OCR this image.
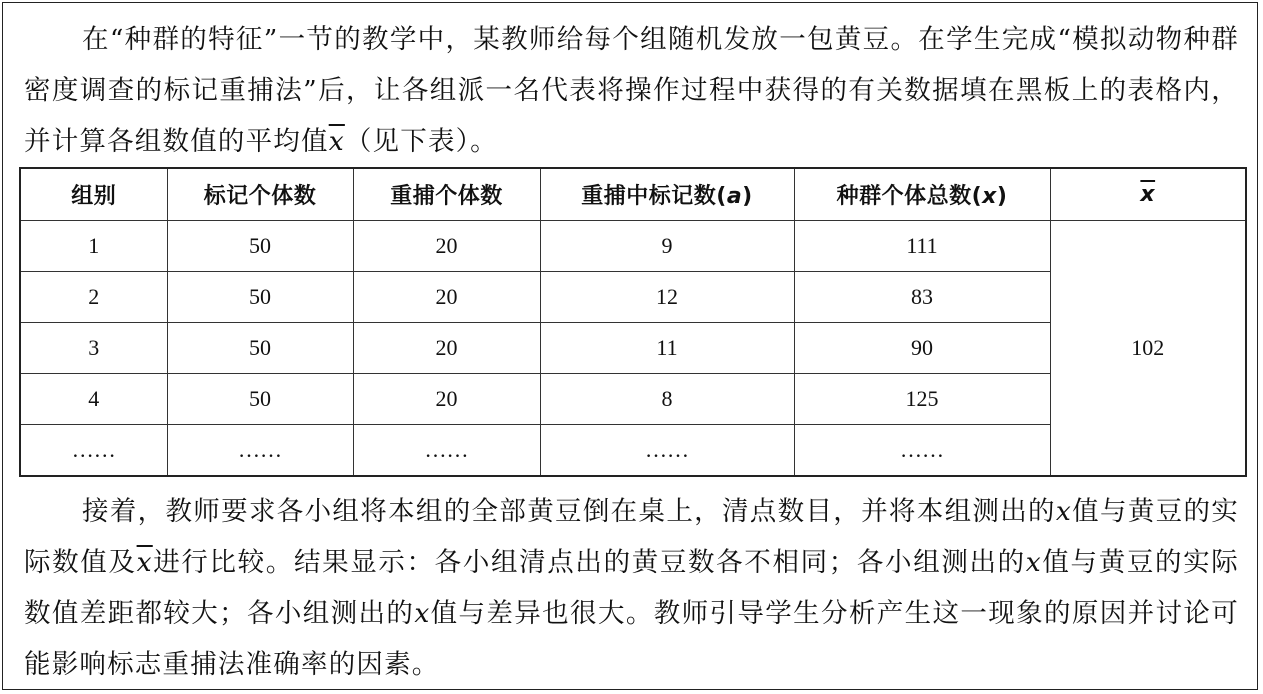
在“种群的特征”一节的教学中，某教师给每个组随机发放一包黄豆。在学生完成“模拟动物种群密度调查的标记重捕法”后，让各组派一名代表将操作过程中获得的有关数据填在黑板上的表格内，并计算各组数值的平均值$\overline{x}$（见下表）。

组别	标记个体数	重捕个体数	重捕中标记数(a)	种群个体总数(x)	$\overline{x}$
1	50	20	9	111	102
2	50	20	12	83	
3	50	20	11	90	
4	50	20	8	125	
……	……	……	……	……	

接着，教师要求各小组将本组的全部黄豆倒在桌上，清点数目，并将本组测出的x值与黄豆的实际数值及$\overline{x}$进行比较。结果显示：各小组清点出的黄豆数各不相同；各小组测出的x值与黄豆的实际数值差距都较大；各小组测出的x值与差异也很大。教师引导学生分析产生这一现象的原因并讨论可能影响标志重捕法准确率的因素。
